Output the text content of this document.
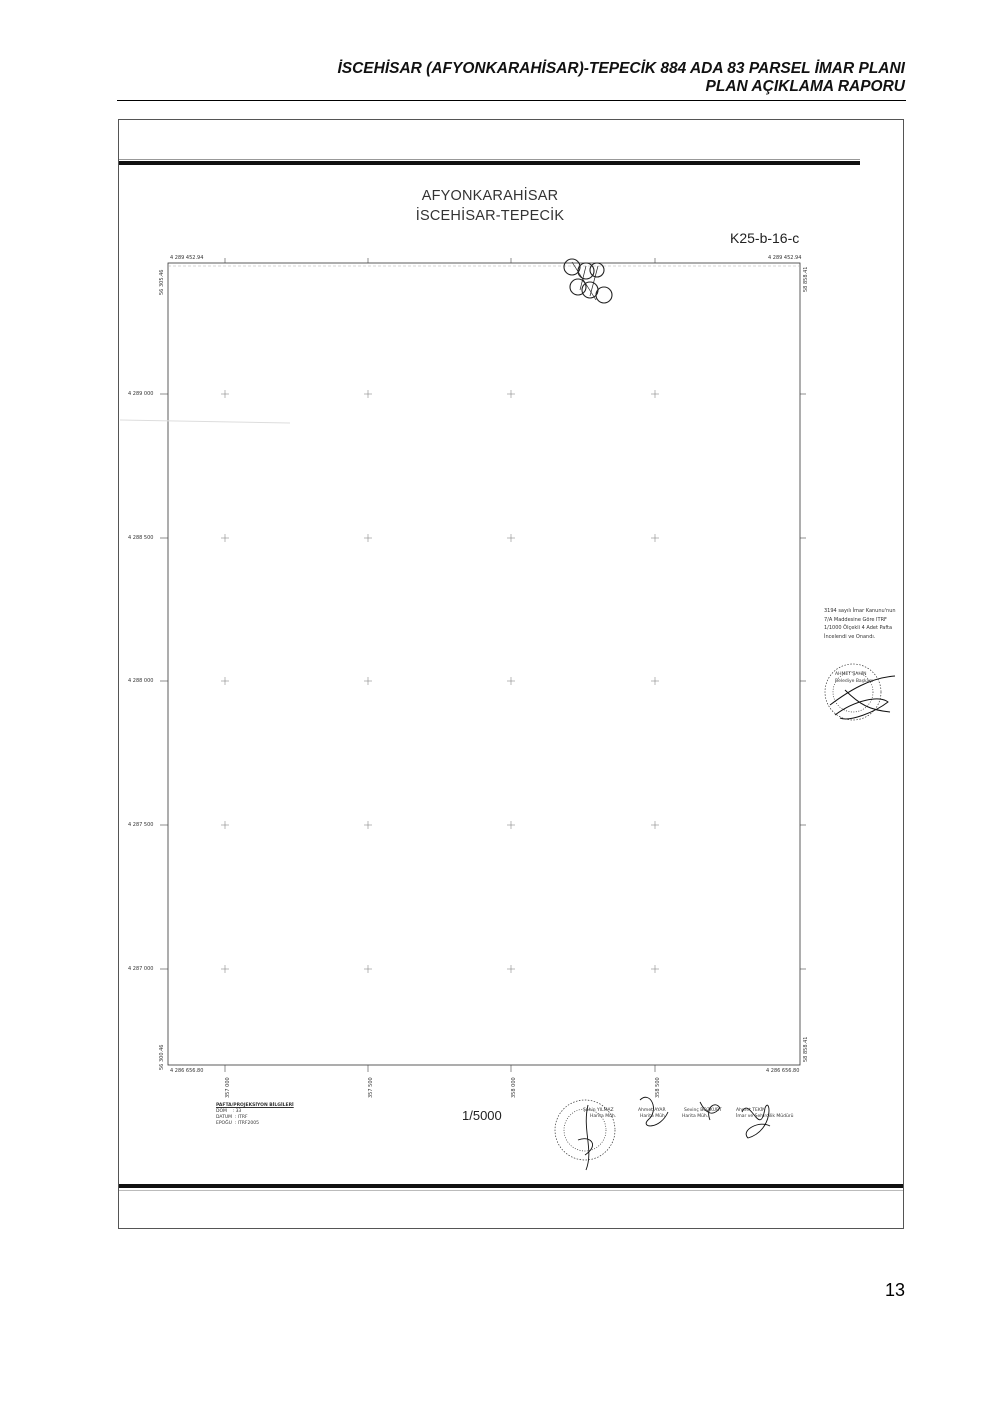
İSCEHİSAR (AFYONKARAHİSAR)-TEPECİK 884 ADA 83 PARSEL İMAR PLANI
PLAN AÇIKLAMA RAPORU
AFYONKARAHİSAR
İSCEHİSAR-TEPECİK
K25-b-16-c
4 289 452.94	4 289 452.94
4 286 656.80	4 286 656.80
56 305.46
56 300.46
58 858.41
58 858.41
4 289 000
4 288 500
4 288 000
4 287 500
4 287 000
357 000	357 500	358 000	358 500
1/5000
PAFTA/PROJEKSİYON BİLGİLERİ
DOM    : 33
DATUM  : ITRF
EPOĞU  : ITRF2005
3194 sayılı İmar Kanunu'nun
7/A Maddesine Göre ITRF
1/1000 Ölçekli 4 Adet Pafta
İncelendi ve Onandı.
AHMET ŞAHİN
Belediye Başkanı
Şahin YILMAZ
Harita Müh.
Ahmet AYAR
Harita Müh.
Sevinç BOZKURT
Harita Müh.
Ahmet TEKİN
İmar ve Şehircilik Müdürü
13
